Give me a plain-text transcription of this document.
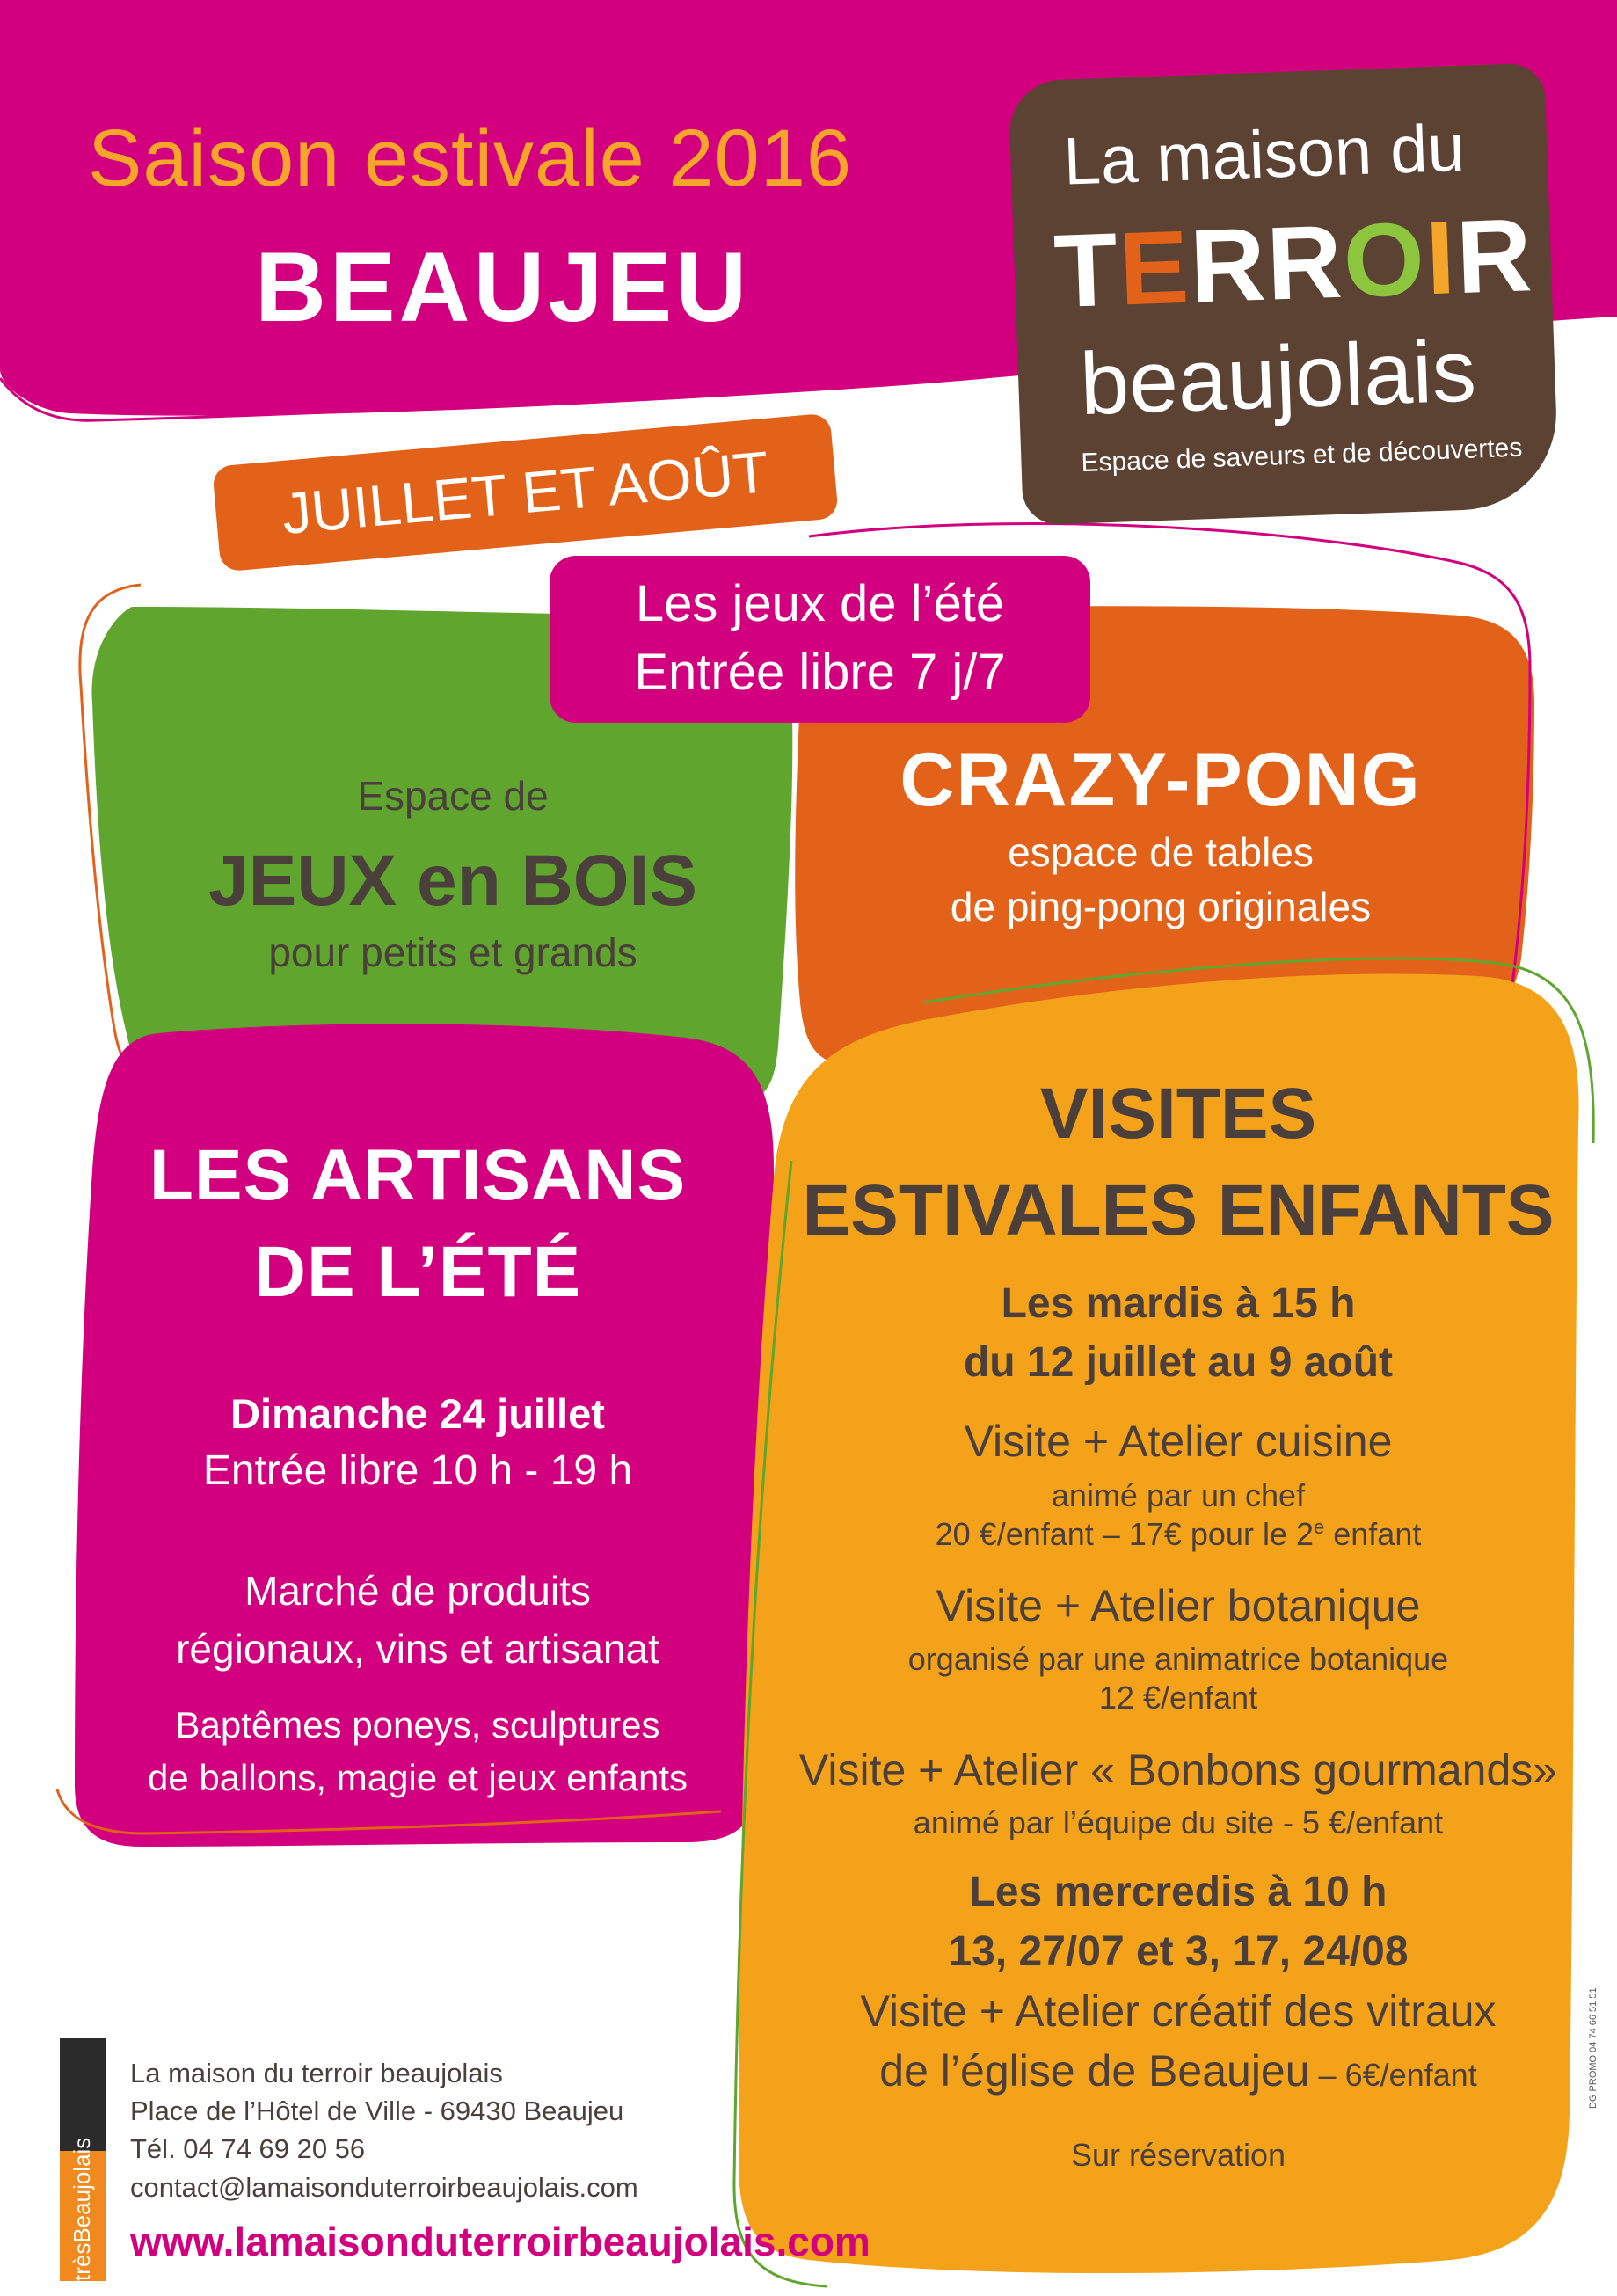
Saison estivale 2016
BEAUJEU
JUILLET ET AOÛT
La maison du
TERROIR
beaujolais
Espace de saveurs et de découvertes
Les jeux de l’été
Entrée libre 7 j/7
Espace de
JEUX en BOIS
pour petits et grands
CRAZY-PONG
espace de tables
de ping-pong originales
LES ARTISANS
DE L’ÉTÉ
Dimanche 24 juillet
Entrée libre 10 h - 19 h
Marché de produits
régionaux, vins et artisanat
Baptêmes poneys, sculptures
de ballons, magie et jeux enfants
VISITES
ESTIVALES ENFANTS
Les mardis à 15 h
du 12 juillet au 9 août
Visite + Atelier cuisine
animé par un chef
20 €/enfant – 17€ pour le 2e enfant
Visite + Atelier botanique
organisé par une animatrice botanique
12 €/enfant
Visite + Atelier « Bonbons gourmands»
animé par l’équipe du site - 5 €/enfant
Les mercredis à 10 h
13, 27/07 et 3, 17, 24/08
Visite + Atelier créatif des vitraux
de l’église de Beaujeu – 6€/enfant
Sur réservation
trèsBeaujolais
La maison du terroir beaujolais
Place de l’Hôtel de Ville - 69430 Beaujeu
Tél. 04 74 69 20 56
contact@lamaisonduterroirbeaujolais.com
www.lamaisonduterroirbeaujolais.com
DG PROMO 04 74 66 51 51
